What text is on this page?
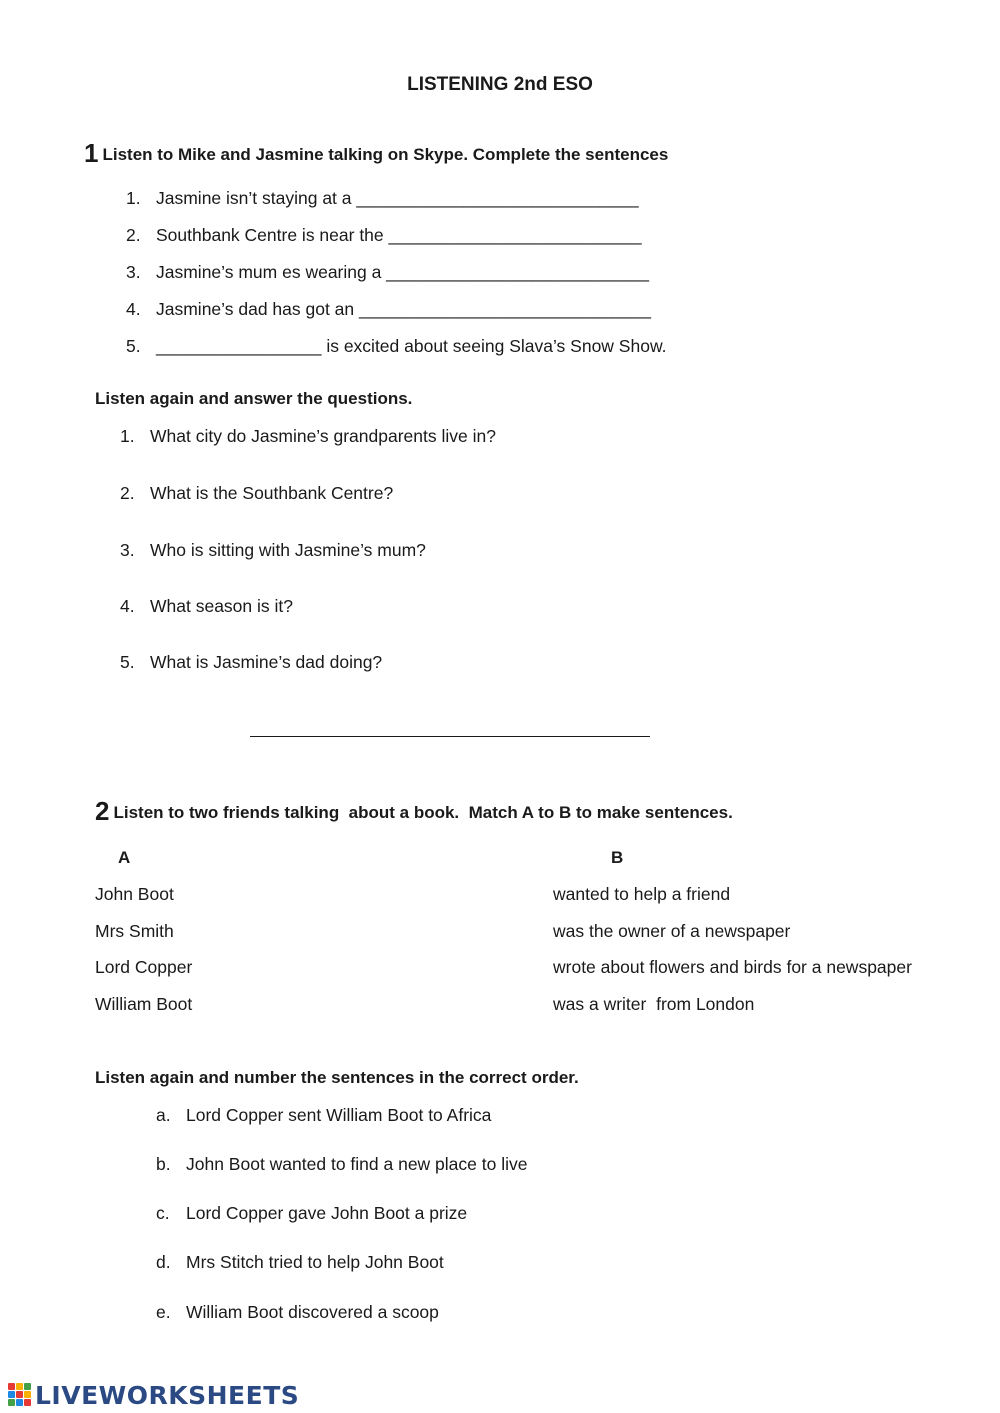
LISTENING 2nd ESO
1 Listen to Mike and Jasmine talking on Skype. Complete the sentences
1. Jasmine isn’t staying at a _____________________________
2. Southbank Centre is near the __________________________
3. Jasmine’s mum es wearing a ___________________________
4. Jasmine’s dad has got an ______________________________
5. _________________ is excited about seeing Slava’s Snow Show.
Listen again and answer the questions.
1. What city do Jasmine’s grandparents live in?
2. What is the Southbank Centre?
3. Who is sitting with Jasmine’s mum?
4. What season is it?
5. What is Jasmine’s dad doing?
2 Listen to two friends talking  about a book.  Match A to B to make sentences.
A	B
John Boot
Mrs Smith
Lord Copper
William Boot
wanted to help a friend
was the owner of a newspaper
wrote about flowers and birds for a newspaper
was a writer  from London
Listen again and number the sentences in the correct order.
a. Lord Copper sent William Boot to Africa
b. John Boot wanted to find a new place to live
c. Lord Copper gave John Boot a prize
d. Mrs Stitch tried to help John Boot
e. William Boot discovered a scoop
LIVEWORKSHEETS
